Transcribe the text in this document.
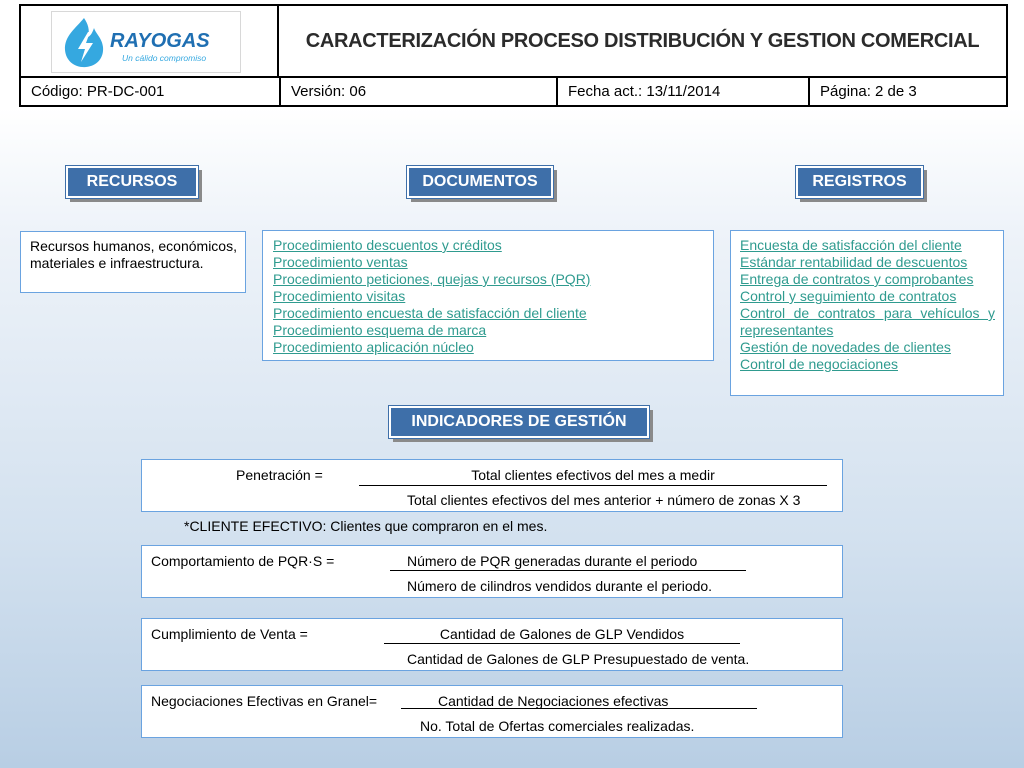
RAYOGAS
Un cálido compromiso
CARACTERIZACIÓN PROCESO DISTRIBUCIÓN Y GESTION COMERCIAL
Código: PR-DC-001	Versión: 06	Fecha act.: 13/11/2014	Página: 2 de 3
RECURSOS	DOCUMENTOS	REGISTROS
Recursos humanos, económicos,
materiales e infraestructura.
Procedimiento descuentos y créditos
Procedimiento ventas
Procedimiento peticiones, quejas y recursos (PQR)
Procedimiento visitas
Procedimiento encuesta de satisfacción del cliente
Procedimiento esquema de marca
Procedimiento aplicación núcleo
Encuesta de satisfacción del cliente
Estándar rentabilidad de descuentos
Entrega de contratos y comprobantes
Control y seguimiento de contratos
Control de contratos para vehículos y representantes
Gestión de novedades de clientes
Control de negociaciones
INDICADORES DE GESTIÓN
Penetración =	Total clientes efectivos del mes a medir
Total clientes efectivos del mes anterior + número de zonas X 3
*CLIENTE EFECTIVO: Clientes que compraron en el mes.
Comportamiento de PQR·S =	Número de PQR generadas durante el periodo
Número de cilindros vendidos durante el periodo.
Cumplimiento de Venta =	Cantidad de Galones de GLP Vendidos
Cantidad de Galones de GLP Presupuestado de venta.
Negociaciones Efectivas en Granel=	Cantidad de Negociaciones efectivas
No. Total de Ofertas comerciales realizadas.
